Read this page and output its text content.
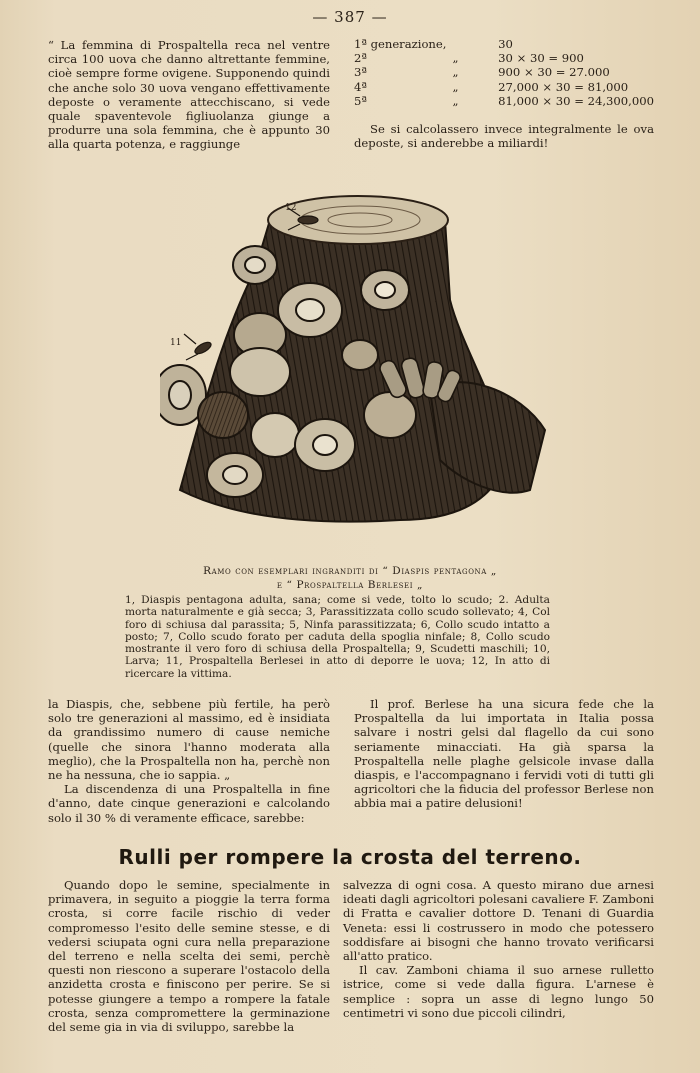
— 387 —

“ La femmina di Prospaltella reca nel ventre circa 100 uova che danno altrettante femmine, cioè sempre forme ovigene. Supponendo quindi che anche solo 30 uova vengano effettivamente deposte o veramente attecchiscano, si vede quale spaventevole figliuolanza giunge a produrre una sola femmina, che è appunto 30 alla quarta potenza, e raggiunge

1ª generazione,		30
2ª	„	30 × 30 = 900
3ª	„	900 × 30 = 27.000
4ª	„	27,000 × 30 = 81,000
5ª	„	81,000 × 30 = 24,300,000

Se si calcolassero invece integralmente le ova deposte, si anderebbe a miliardi!

12
11
Ramo con esemplari ingranditi di “ Diaspis pentagona „
e “ Prospaltella Berlesei „
1, Diaspis pentagona adulta, sana; come si vede, tolto lo scudo; 2. Adulta morta naturalmente e già secca; 3, Parassitizzata collo scudo sollevato; 4, Col foro di schiusa dal parassita; 5, Ninfa parassitizzata; 6, Collo scudo intatto a posto; 7, Collo scudo forato per caduta della spoglia ninfale; 8, Collo scudo mostrante il vero foro di schiusa della Prospaltella; 9, Scudetti maschili; 10, Larva; 11, Prospaltella Berlesei in atto di deporre le uova; 12, In atto di ricercare la vittima.

la Diaspis, che, sebbene più fertile, ha però solo tre generazioni al massimo, ed è insidiata da grandissimo numero di cause nemiche (quelle che sinora l'hanno moderata alla meglio), che la Prospaltella non ha, perchè non ne ha nessuna, che io sappia. „

La discendenza di una Prospaltella in fine d'anno, date cinque generazioni e calcolando solo il 30 % di veramente efficace, sarebbe:

Il prof. Berlese ha una sicura fede che la Prospaltella da lui importata in Italia possa salvare i nostri gelsi dal flagello da cui sono seriamente minacciati. Ha già sparsa la Prospaltella nelle plaghe gelsicole invase dalla diaspis, e l'accompagnano i fervidi voti di tutti gli agricoltori che la fiducia del professor Berlese non abbia mai a patire delusioni!

Rulli per rompere la crosta del terreno.

Quando dopo le semine, specialmente in primavera, in seguito a pioggie la terra forma crosta, si corre facile rischio di veder compromesso l'esito delle semine stesse, e di vedersi sciupata ogni cura nella preparazione del terreno e nella scelta dei semi, perchè questi non riescono a superare l'ostacolo della anzidetta crosta e finiscono per perire. Se si potesse giungere a tempo a rompere la fatale crosta, senza compromettere la germinazione del seme gia in via di sviluppo, sarebbe la

salvezza di ogni cosa. A questo mirano due arnesi ideati dagli agricoltori polesani cavaliere F. Zamboni di Fratta e cavalier dottore D. Tenani di Guardia Veneta: essi li costrussero in modo che potessero soddisfare ai bisogni che hanno trovato verificarsi all'atto pratico.

Il cav. Zamboni chiama il suo arnese rulletto istrice, come si vede dalla figura. L'arnese è semplice : sopra un asse di legno lungo 50 centimetri vi sono due piccoli cilindri,
